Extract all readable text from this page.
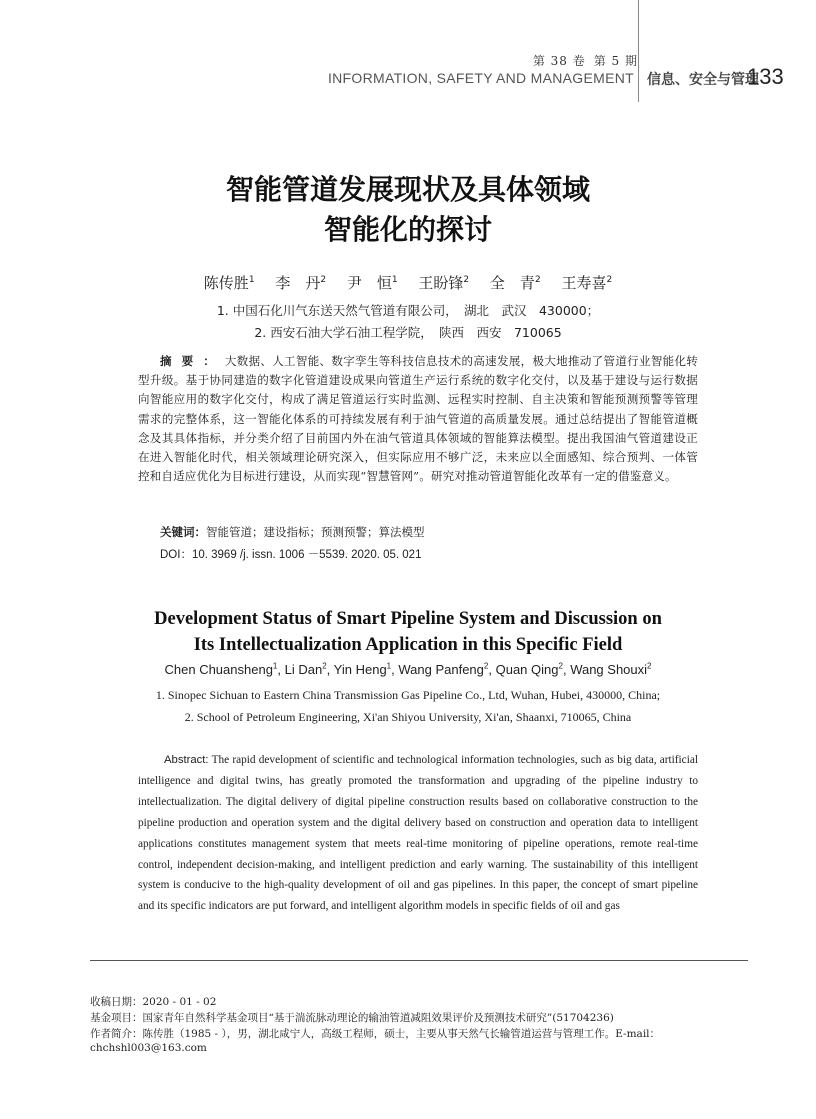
第 38 卷 第 5 期
INFORMATION, SAFETY AND MANAGEMENT 信息、安全与管理
133
智能管道发展现状及具体领域
智能化的探讨
陈传胜$^1$ 李　丹$^2$ 尹　恒$^1$ 王盼锋$^2$ 全　青$^2$ 王寿喜$^2$
1. 中国石化川气东送天然气管道有限公司，　湖北　武汉　430000；
2. 西安石油大学石油工程学院，　陕西　西安　710065
摘要：大数据、人工智能、数字孪生等科技信息技术的高速发展，极大地推动了管道行业智能化转型升级。基于协同建造的数字化管道建设成果向管道生产运行系统的数字化交付，以及基于建设与运行数据向智能应用的数字化交付，构成了满足管道运行实时监测、远程实时控制、自主决策和智能预测预警等管理需求的完整体系，这一智能化体系的可持续发展有利于油气管道的高质量发展。通过总结提出了智能管道概念及其具体指标，并分类介绍了目前国内外在油气管道具体领域的智能算法模型。提出我国油气管道建设正在进入智能化时代，相关领域理论研究深入，但实际应用不够广泛，未来应以全面感知、综合预判、一体管控和自适应优化为目标进行建设，从而实现“智慧管网”。研究对推动管道智能化改革有一定的借鉴意义。
关键词：智能管道；建设指标；预测预警；算法模型
DOI：10. 3969 /j. issn. 1006 －5539. 2020. 05. 021
Development Status of Smart Pipeline System and Discussion on
Its Intellectualization Application in this Specific Field
Chen Chuansheng$^1$, Li Dan$^2$, Yin Heng$^1$, Wang Panfeng$^2$, Quan Qing$^2$, Wang Shouxi$^2$
1. Sinopec Sichuan to Eastern China Transmission Gas Pipeline Co., Ltd, Wuhan, Hubei, 430000, China;
2. School of Petroleum Engineering, Xi'an Shiyou University, Xi'an, Shaanxi, 710065, China
Abstract: The rapid development of scientific and technological information technologies, such as big data, artificial intelligence and digital twins, has greatly promoted the transformation and upgrading of the pipeline industry to intellectualization. The digital delivery of digital pipeline construction results based on collaborative construction to the pipeline production and operation system and the digital delivery based on construction and operation data to intelligent applications constitutes management system that meets real-time monitoring of pipeline operations, remote real-time control, independent decision-making, and intelligent prediction and early warning. The sustainability of this intelligent system is conducive to the high-quality development of oil and gas pipelines. In this paper, the concept of smart pipeline and its specific indicators are put forward, and intelligent algorithm models in specific fields of oil and gas
收稿日期：2020 - 01 - 02
基金项目：国家青年自然科学基金项目“基于湍流脉动理论的输油管道减阻效果评价及预测技术研究”(51704236)
作者简介：陈传胜（1985 - ），男，湖北咸宁人，高级工程师，硕士，主要从事天然气长输管道运营与管理工作。E-mail：
chchshl003@163.com
